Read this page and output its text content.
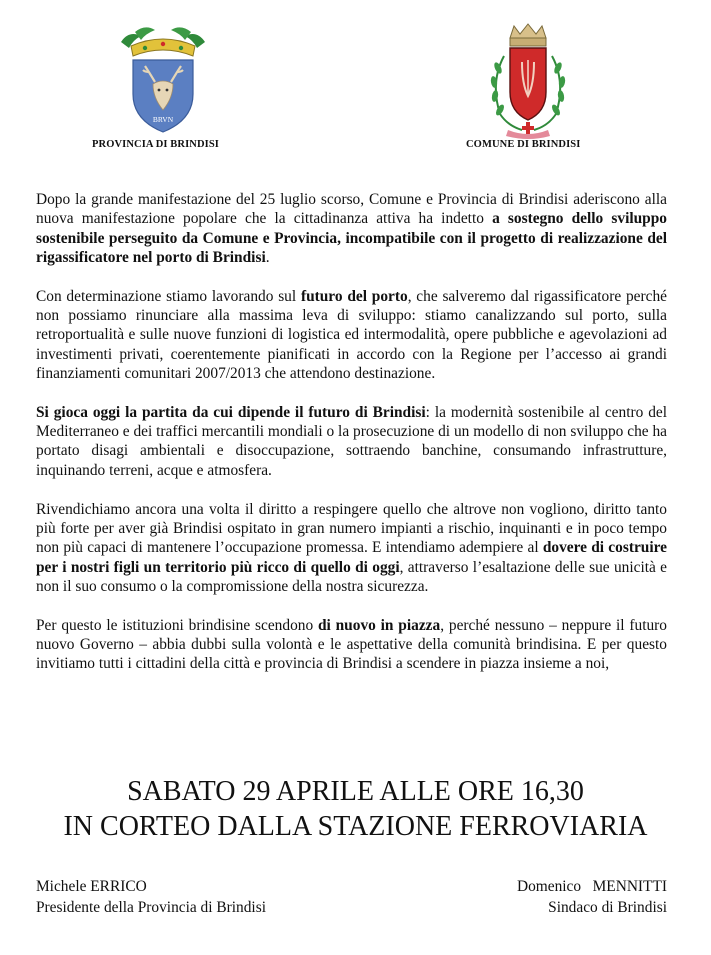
BRVN
PROVINCIA DI BRINDISI	COMUNE DI BRINDISI

Dopo la grande manifestazione del 25 luglio scorso, Comune e Provincia di Brindisi aderiscono alla nuova manifestazione popolare che la cittadinanza attiva ha indetto a sostegno dello sviluppo sostenibile perseguito da Comune e Provincia, incompatibile con il progetto di realizzazione del rigassificatore nel porto di Brindisi.

Con determinazione stiamo lavorando sul futuro del porto, che salveremo dal rigassificatore perché non possiamo rinunciare alla massima leva di sviluppo: stiamo canalizzando sul porto, sulla retroportualità e sulle nuove funzioni di logistica ed intermodalità, opere pubbliche e agevolazioni ad investimenti privati, coerentemente pianificati in accordo con la Regione per l’accesso ai grandi finanziamenti comunitari 2007/2013 che attendono destinazione.

Si gioca oggi la partita da cui dipende il futuro di Brindisi: la modernità sostenibile al centro del Mediterraneo e dei traffici mercantili mondiali o la prosecuzione di un modello di non sviluppo che ha portato disagi ambientali e disoccupazione, sottraendo banchine, consumando infrastrutture, inquinando terreni, acque e atmosfera.

Rivendichiamo ancora una volta il diritto a respingere quello che altrove non vogliono, diritto tanto più forte per aver già Brindisi ospitato in gran numero impianti a rischio, inquinanti e in poco tempo non più capaci di mantenere l’occupazione promessa. E intendiamo adempiere al dovere di costruire per i nostri figli un territorio più ricco di quello di oggi, attraverso l’esaltazione delle sue unicità e non il suo consumo o la compromissione della nostra sicurezza.

Per questo le istituzioni brindisine scendono di nuovo in piazza, perché nessuno – neppure il futuro nuovo Governo – abbia dubbi sulla volontà e le aspettative della comunità brindisina. E per questo invitiamo tutti i cittadini della città e provincia di Brindisi a scendere in piazza insieme a noi,

SABATO 29 APRILE ALLE ORE 16,30
IN CORTEO DALLA STAZIONE FERROVIARIA
Michele ERRICO
Presidente della Provincia di Brindisi
Domenico   MENNITTI
Sindaco di Brindisi
